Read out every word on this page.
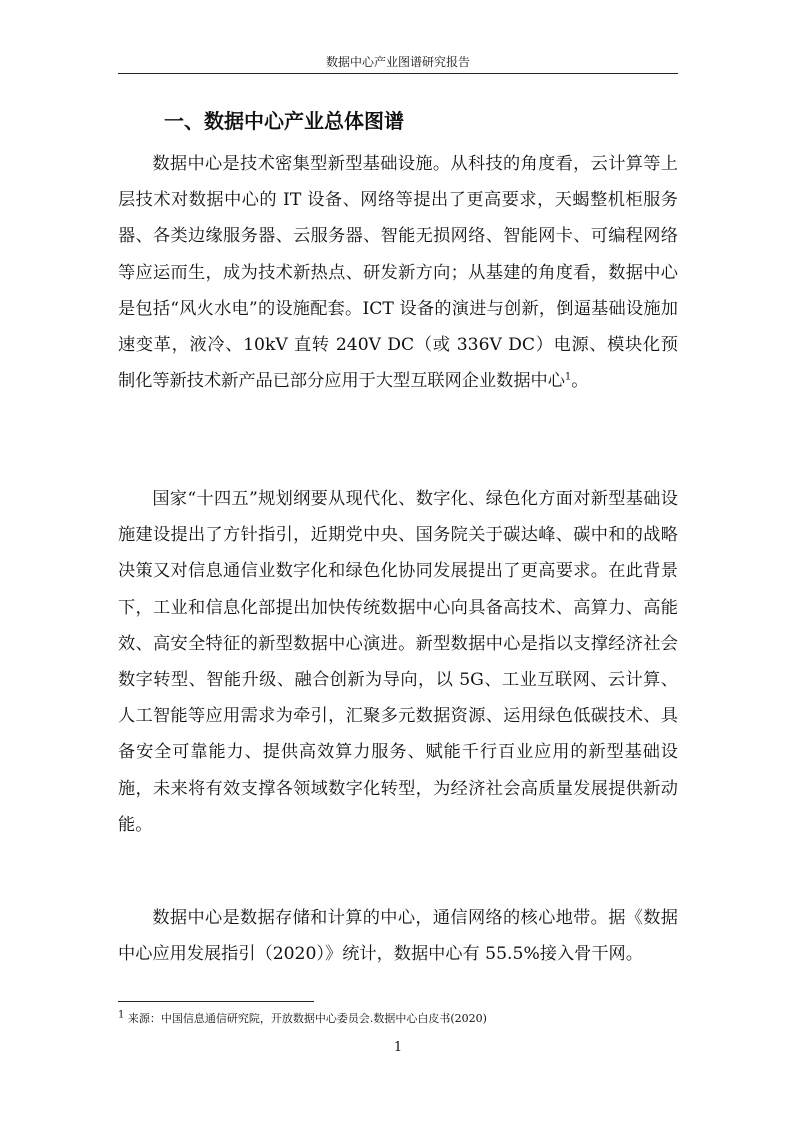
数据中心产业图谱研究报告
一、数据中心产业总体图谱

数据中心是技术密集型新型基础设施。从科技的角度看，云计算等上层技术对数据中心的 IT 设备、网络等提出了更高要求，天蝎整机柜服务器、各类边缘服务器、云服务器、智能无损网络、智能网卡、可编程网络等应运而生，成为技术新热点、研发新方向；从基建的角度看，数据中心是包括“风火水电”的设施配套。ICT 设备的演进与创新，倒逼基础设施加速变革，液冷、10kV 直转 240V DC（或 336V DC）电源、模块化预制化等新技术新产品已部分应用于大型互联网企业数据中心$^1$。

国家“十四五”规划纲要从现代化、数字化、绿色化方面对新型基础设施建设提出了方针指引，近期党中央、国务院关于碳达峰、碳中和的战略决策又对信息通信业数字化和绿色化协同发展提出了更高要求。在此背景下，工业和信息化部提出加快传统数据中心向具备高技术、高算力、高能效、高安全特征的新型数据中心演进。新型数据中心是指以支撑经济社会数字转型、智能升级、融合创新为导向，以 5G、工业互联网、云计算、人工智能等应用需求为牵引，汇聚多元数据资源、运用绿色低碳技术、具备安全可靠能力、提供高效算力服务、赋能千行百业应用的新型基础设施，未来将有效支撑各领域数字化转型，为经济社会高质量发展提供新动能。

数据中心是数据存储和计算的中心，通信网络的核心地带。据《数据中心应用发展指引（2020）》统计，数据中心有 55.5%接入骨干网。

$^1$ 来源：中国信息通信研究院，开放数据中心委员会.数据中心白皮书(2020)

1
